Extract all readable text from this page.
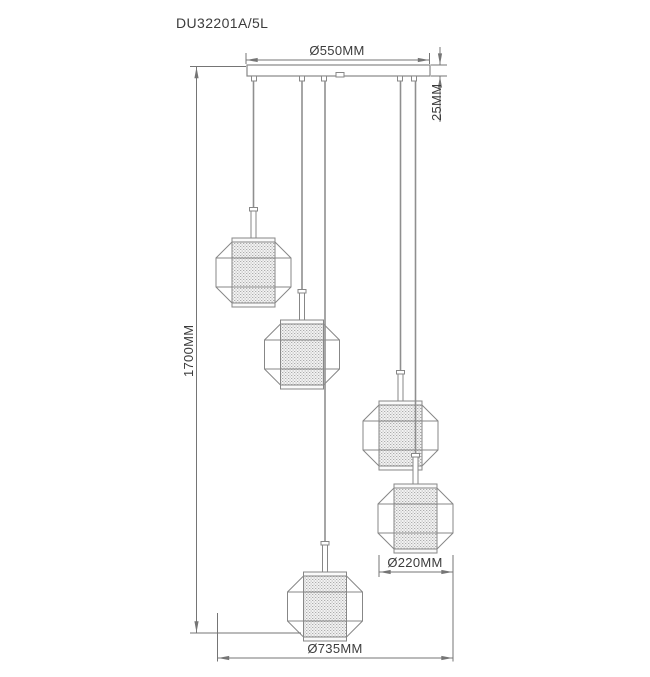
DU32201A/5L
Ø550MM
25MM
1700MM
Ø220MM
Ø735MM
